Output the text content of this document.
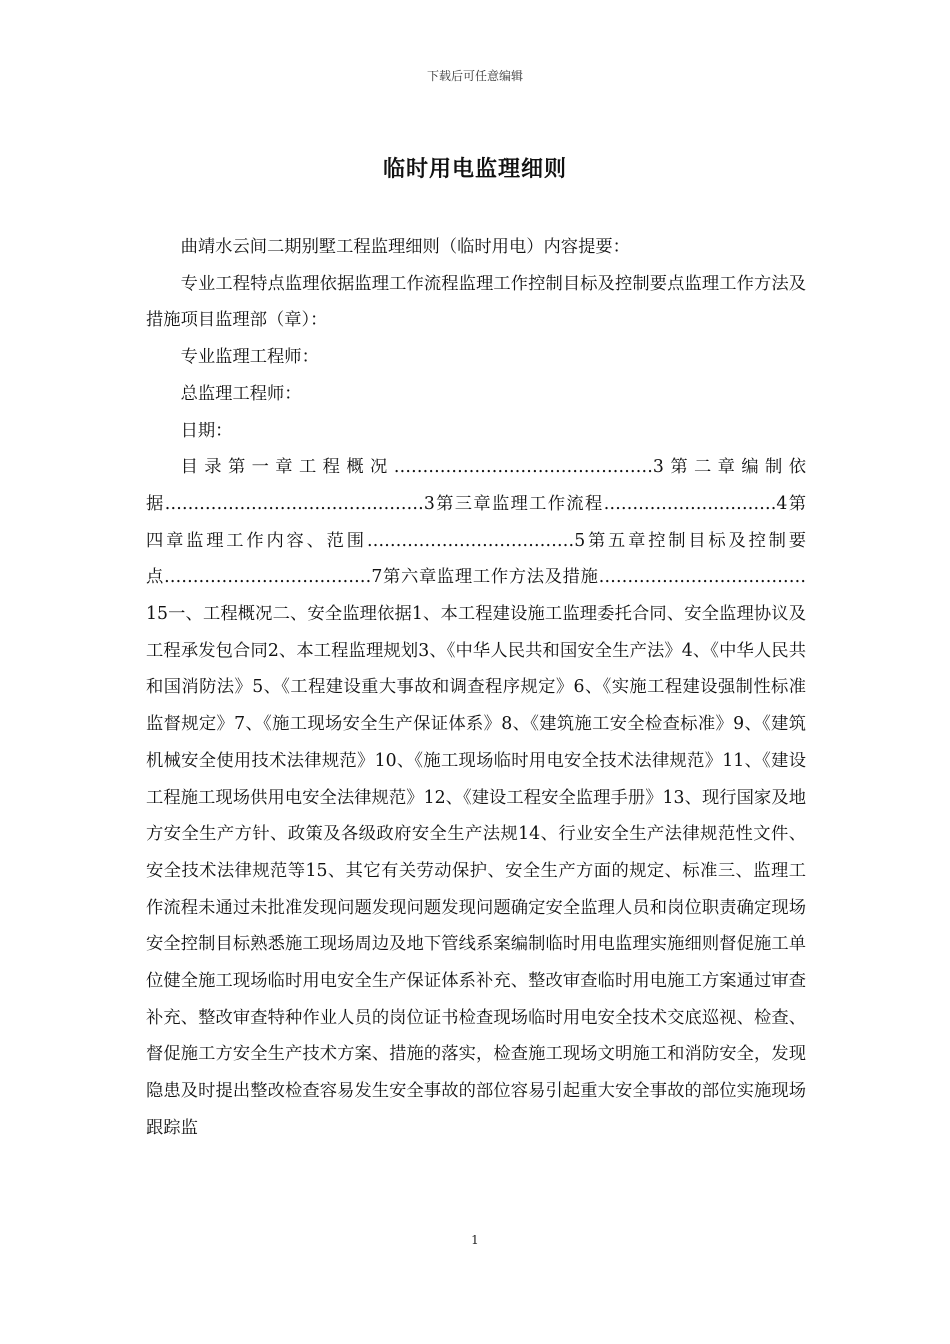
下载后可任意编辑
临时用电监理细则

曲靖水云间二期别墅工程监理细则（临时用电）内容提要：

专业工程特点监理依据监理工作流程监理工作控制目标及控制要点监理工作方法及措施项目监理部（章）：

专业监理工程师：

总监理工程师：

日期：

目录第一章工程概况………………………………………3第二章编制依据………………………………………3第三章监理工作流程…………………………4第四章监理工作内容、范围………………………………5第五章控制目标及控制要点………………………………7第六章监理工作方法及措施………………………………15一、工程概况二、安全监理依据1、本工程建设施工监理委托合同、安全监理协议及工程承发包合同2、本工程监理规划3、《中华人民共和国安全生产法》4、《中华人民共和国消防法》5、《工程建设重大事故和调查程序规定》6、《实施工程建设强制性标准监督规定》7、《施工现场安全生产保证体系》8、《建筑施工安全检查标准》9、《建筑机械安全使用技术法律规范》10、《施工现场临时用电安全技术法律规范》11、《建设工程施工现场供用电安全法律规范》12、《建设工程安全监理手册》13、现行国家及地方安全生产方针、政策及各级政府安全生产法规14、行业安全生产法律规范性文件、安全技术法律规范等15、其它有关劳动保护、安全生产方面的规定、标准三、监理工作流程未通过未批准发现问题发现问题发现问题确定安全监理人员和岗位职责确定现场安全控制目标熟悉施工现场周边及地下管线系案编制临时用电监理实施细则督促施工单位健全施工现场临时用电安全生产保证体系补充、整改审查临时用电施工方案通过审查补充、整改审查特种作业人员的岗位证书检查现场临时用电安全技术交底巡视、检查、督促施工方安全生产技术方案、措施的落实，检查施工现场文明施工和消防安全，发现隐患及时提出整改检查容易发生安全事故的部位容易引起重大安全事故的部位实施现场跟踪监

1
